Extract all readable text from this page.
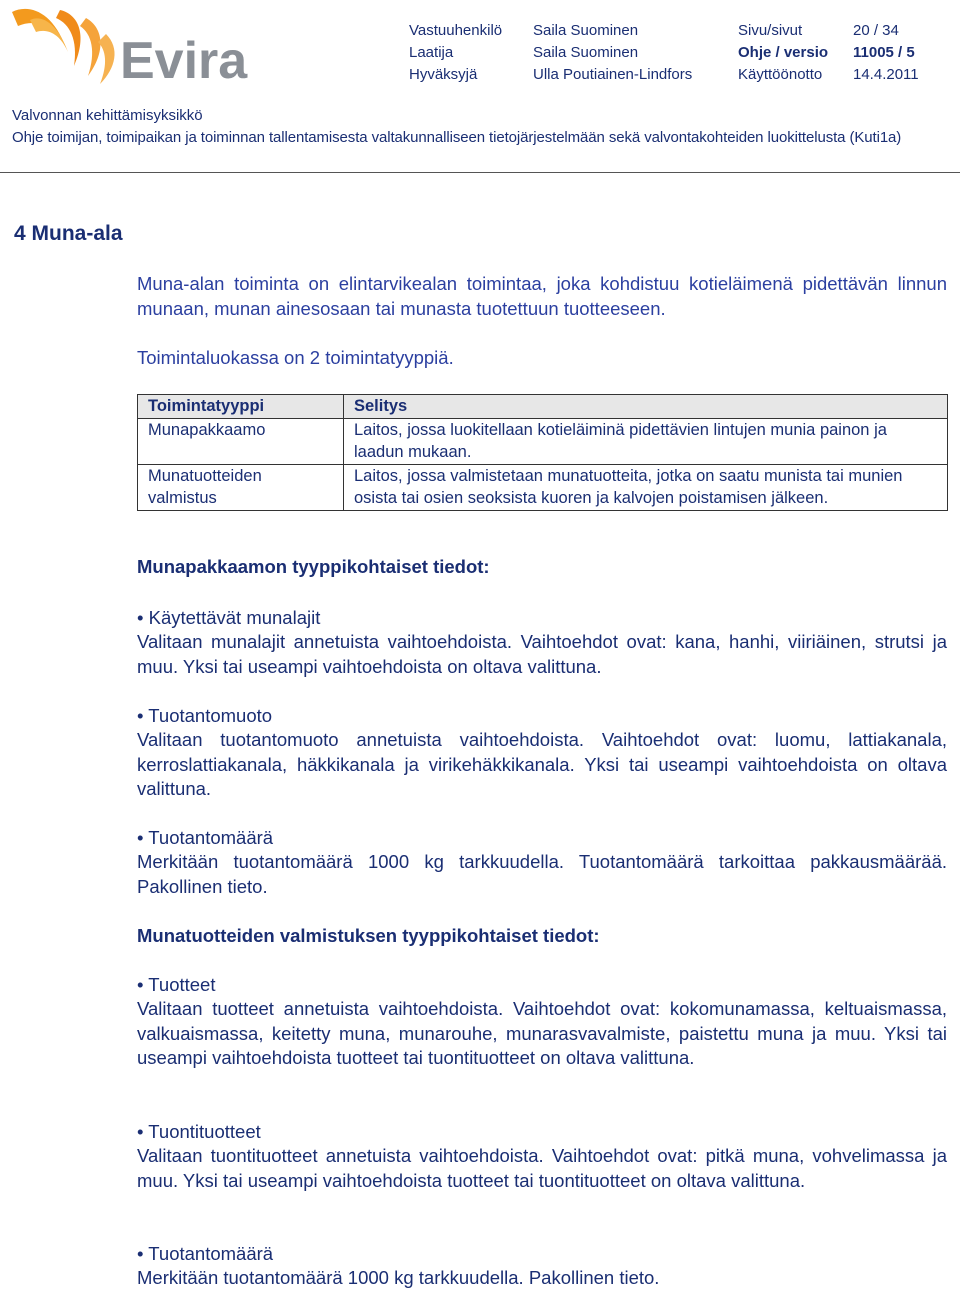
Evira
Vastuuhenkilö Saila Suominen	Sivu/sivut	20 / 34
Laatija	Saila Suominen	Ohje / versio 11005 / 5
Hyväksyjä	Ulla Poutiainen-Lindfors	Käyttöönotto 14.4.2011
Valvonnan kehittämisyksikkö
Ohje toimijan, toimipaikan ja toiminnan tallentamisesta valtakunnalliseen tietojärjestelmään sekä valvontakohteiden luokittelusta (Kuti1a)
4 Muna-ala
Muna-alan toiminta on elintarvikealan toimintaa, joka kohdistuu kotieläimenä pidettävän linnun munaan, munan ainesosaan tai munasta tuotettuun tuotteeseen.
Toimintaluokassa on 2 toimintatyyppiä.
Toimintatyyppi	Selitys
Munapakkaamo	Laitos, jossa luokitellaan kotieläiminä pidettävien lintujen munia painon ja laadun mukaan.
Munatuotteiden valmistus	Laitos, jossa valmistetaan munatuotteita, jotka on saatu munista tai munien osista tai osien seoksista kuoren ja kalvojen poistamisen jälkeen.
Munapakkaamon tyyppikohtaiset tiedot:
• Käytettävät munalajit
Valitaan munalajit annetuista vaihtoehdoista. Vaihtoehdot ovat: kana, hanhi, viiriäinen, strutsi ja muu. Yksi tai useampi vaihtoehdoista on oltava valittuna.
• Tuotantomuoto
Valitaan tuotantomuoto annetuista vaihtoehdoista. Vaihtoehdot ovat: luomu, lattiakanala, kerroslattiakanala, häkkikanala ja virikehäkkikanala. Yksi tai useampi vaihtoehdoista on oltava valittuna.
• Tuotantomäärä
Merkitään tuotantomäärä 1000 kg tarkkuudella. Tuotantomäärä tarkoittaa pakkausmäärää. Pakollinen tieto.
Munatuotteiden valmistuksen tyyppikohtaiset tiedot:
• Tuotteet
Valitaan tuotteet annetuista vaihtoehdoista. Vaihtoehdot ovat: kokomunamassa, keltuaismassa, valkuaismassa, keitetty muna, munarouhe, munarasvavalmiste, paistettu muna ja muu. Yksi tai useampi vaihtoehdoista tuotteet tai tuontituotteet on oltava valittuna.
• Tuontituotteet
Valitaan tuontituotteet annetuista vaihtoehdoista. Vaihtoehdot ovat: pitkä muna, vohvelimassa ja muu. Yksi tai useampi vaihtoehdoista tuotteet tai tuontituotteet on oltava valittuna.
• Tuotantomäärä
Merkitään tuotantomäärä 1000 kg tarkkuudella. Pakollinen tieto.
